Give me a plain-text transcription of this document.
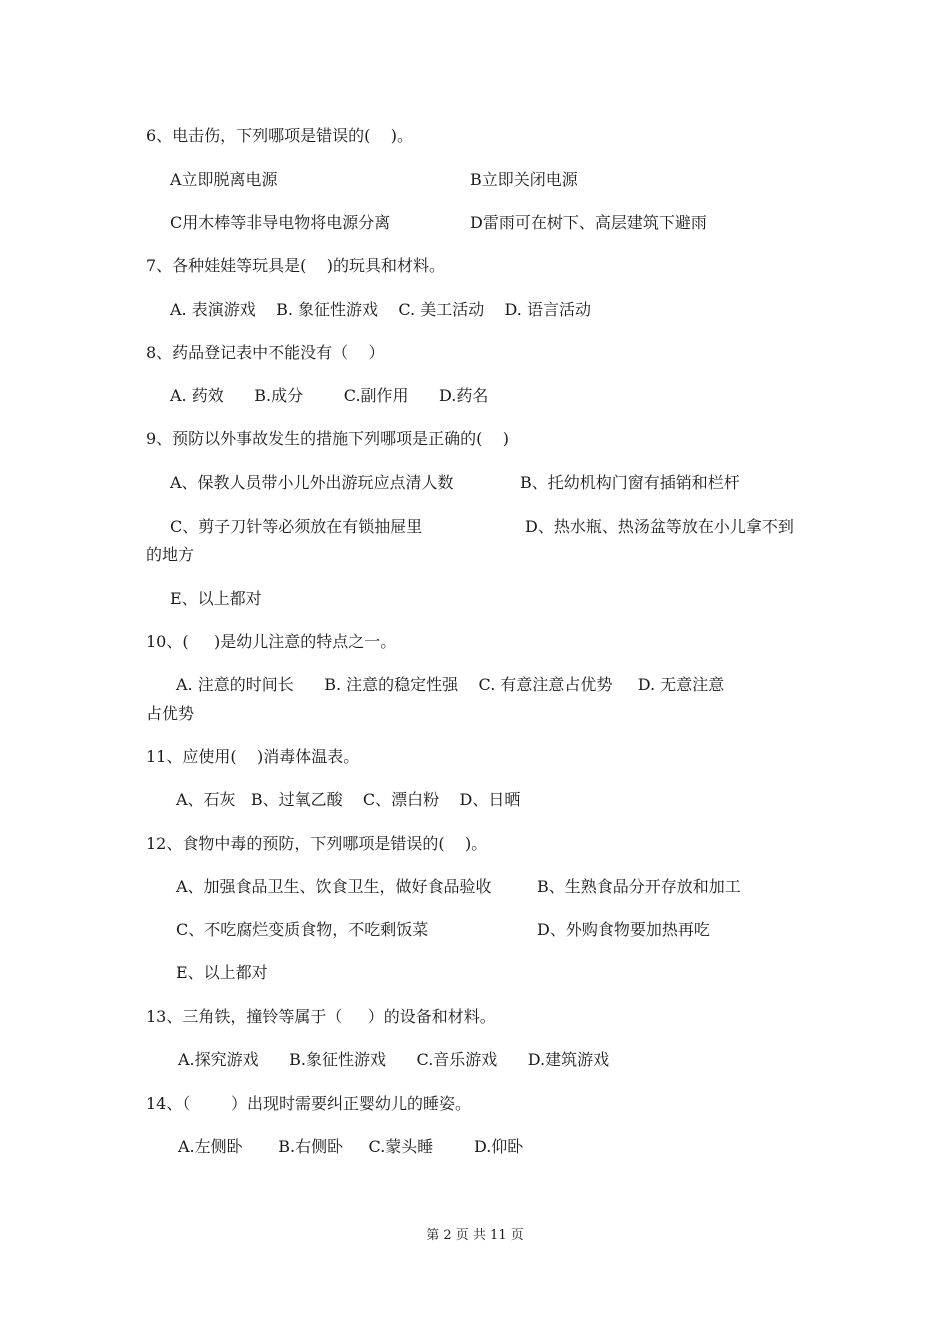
6、电击伤，下列哪项是错误的(    )。

A立即脱离电源	B立即关闭电源

C用木棒等非导电物将电源分离	D雷雨可在树下、高层建筑下避雨

7、各种娃娃等玩具是(    )的玩具和材料。

A. 表演游戏    B. 象征性游戏    C. 美工活动    D. 语言活动

8、药品登记表中不能没有（    ）

A. 药效      B.成分        C.副作用      D.药名

9、预防以外事故发生的措施下列哪项是正确的(    )

A、保教人员带小儿外出游玩应点清人数	B、托幼机构门窗有插销和栏杆

C、剪子刀针等必须放在有锁抽屉里	D、热水瓶、热汤盆等放在小儿拿不到

的地方

E、以上都对

10、(     )是幼儿注意的特点之一。

A. 注意的时间长      B. 注意的稳定性强    C. 有意注意占优势     D. 无意注意

占优势

11、应使用(    )消毒体温表。

A、石灰   B、过氧乙酸    C、漂白粉    D、日晒

12、食物中毒的预防，下列哪项是错误的(    )。

A、加强食品卫生、饮食卫生，做好食品验收	B、生熟食品分开存放和加工

C、不吃腐烂变质食物，不吃剩饭菜	D、外购食物要加热再吃

E、以上都对

13、三角铁，撞铃等属于（     ）的设备和材料。

A.探究游戏      B.象征性游戏      C.音乐游戏      D.建筑游戏

14、（        ）出现时需要纠正婴幼儿的睡姿。

A.左侧卧       B.右侧卧     C.蒙头睡        D.仰卧

第 2 页 共 11 页
